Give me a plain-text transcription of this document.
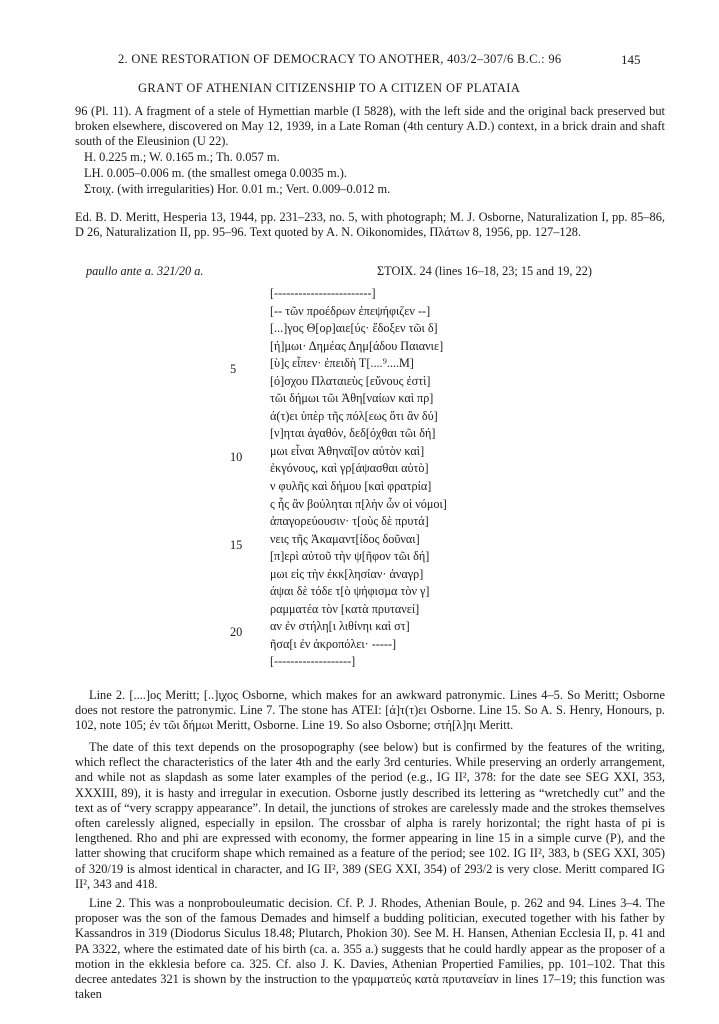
2. ONE RESTORATION OF DEMOCRACY TO ANOTHER, 403/2–307/6 B.C.: 96	145
GRANT OF ATHENIAN CITIZENSHIP TO A CITIZEN OF PLATAIA
96 (Pl. 11). A fragment of a stele of Hymettian marble (I 5828), with the left side and the original back preserved but broken elsewhere, discovered on May 12, 1939, in a Late Roman (4th century A.D.) context, in a brick drain and shaft south of the Eleusinion (U 22).
H. 0.225 m.; W. 0.165 m.; Th. 0.057 m.
LH. 0.005–0.006 m. (the smallest omega 0.0035 m.).
Στοιχ. (with irregularities) Hor. 0.01 m.; Vert. 0.009–0.012 m.
Ed. B. D. Meritt, Hesperia 13, 1944, pp. 231–233, no. 5, with photograph; M. J. Osborne, Naturalization I, pp. 85–86, D 26, Naturalization II, pp. 95–96. Text quoted by A. N. Oikonomides, Πλάτων 8, 1956, pp. 127–128.
paullo ante a. 321/20 a.	ΣΤΟΙΧ. 24 (lines 16–18, 23; 15 and 19, 22)
5
10
15
20
[------------------------]
[-- τῶν προέδρων ἐπεψήφιζεν --]
[...]γος Θ[ορ]αιε[ύς· ἔδοξεν τῶι δ]
[ή]μωι· Δημέας Δημ[άδου Παιανιε]
[ὺ]ς εἶπεν· ἐπειδὴ Τ[....⁹....Μ]
[ό]σχου Πλαταιεὺς [εὔνους ἐστὶ]
τῶι δήμωι τῶι Ἀθη[ναίων καὶ πρ]
ά(τ)ει ὑπὲρ τῆς πόλ[εως ὅτι ἂν δύ]
[ν]ηται ἀγαθόν, δεδ[όχθαι τῶι δή]
μωι εἶναι Ἀθηναῖ[ον αὐτὸν καὶ]
ἐκγόνους, καὶ γρ[άψασθαι αὐτὸ]
ν φυλῆς καὶ δήμου [καὶ φρατρία]
ς ἧς ἂν βούληται π[λὴν ὧν οἱ νόμοι]
ἀπαγορεύουσιν· τ[οὺς δὲ πρυτά]
νεις τῆς Ἀκαμαντ[ίδος δοῦναι]
[π]ερὶ αὐτοῦ τὴν ψ[ῆφον τῶι δή]
μωι εἰς τὴν ἐκκ[λησίαν· ἀναγρ]
άψαι δὲ τόδε τ[ὸ ψήφισμα τὸν γ]
ραμματέα τὸν [κατὰ πρυτανεί]
αν ἐν στήλη[ι λιθίνηι καὶ στ]
ῆσα[ι ἐν ἀκροπόλει· -----]
[-------------------]
Line 2. [....]ος Meritt; [..]ι̣χος Osborne, which makes for an awkward patronymic. Lines 4–5. So Meritt; Osborne does not restore the patronymic. Line 7. The stone has ΑΤΕΙ: [ά]τ(τ)ει Osborne. Line 15. So A. S. Henry, Honours, p. 102, note 105; ἐν τῶι δήμωι Meritt, Osborne. Line 19. So also Osborne; στή[λ]ηι Meritt.
The date of this text depends on the prosopography (see below) but is confirmed by the features of the writing, which reflect the characteristics of the later 4th and the early 3rd centuries. While preserving an orderly arrangement, and while not as slapdash as some later examples of the period (e.g., IG II², 378: for the date see SEG XXI, 353, XXXIII, 89), it is hasty and irregular in execution. Osborne justly described its lettering as “wretchedly cut” and the text as of “very scrappy appearance”. In detail, the junctions of strokes are carelessly made and the strokes themselves often carelessly aligned, especially in epsilon. The crossbar of alpha is rarely horizontal; the right hasta of pi is lengthened. Rho and phi are expressed with economy, the former appearing in line 15 in a simple curve (Ρ), and the latter showing that cruciform shape which remained as a feature of the period; see 102. IG II², 383, b (SEG XXI, 305) of 320/19 is almost identical in character, and IG II², 389 (SEG XXI, 354) of 293/2 is very close. Meritt compared IG II², 343 and 418.
Line 2. This was a nonprobouleumatic decision. Cf. P. J. Rhodes, Athenian Boule, p. 262 and 94. Lines 3–4. The proposer was the son of the famous Demades and himself a budding politician, executed together with his father by Kassandros in 319 (Diodorus Siculus 18.48; Plutarch, Phokion 30). See M. H. Hansen, Athenian Ecclesia II, p. 41 and PA 3322, where the estimated date of his birth (ca. a. 355 a.) suggests that he could hardly appear as the proposer of a motion in the ekklesia before ca. 325. Cf. also J. K. Davies, Athenian Propertied Families, pp. 101–102. That this decree antedates 321 is shown by the instruction to the γραμματεύς κατὰ πρυτανείαν in lines 17–19; this function was taken
